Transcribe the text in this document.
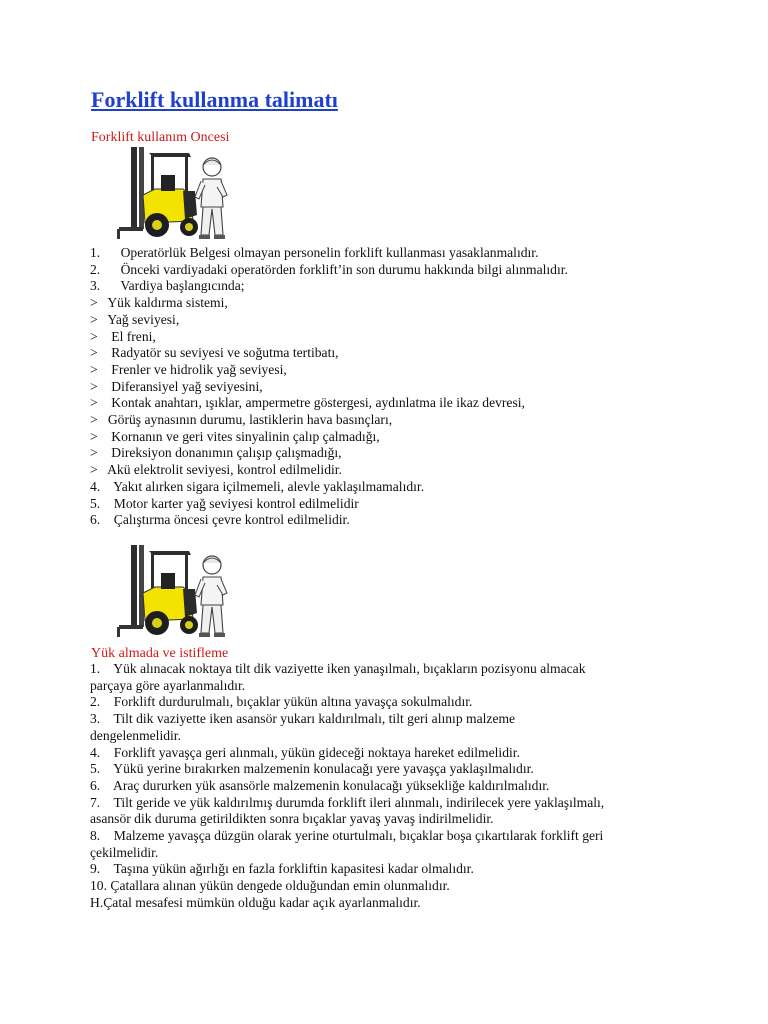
Forklift kullanma talimatı

Forklift kullanım Oncesi

1.      Operatörlük Belgesi olmayan personelin forklift kullanması yasaklanmalıdır.
2.      Önceki vardiyadaki operatörden forklift’in son durumu hakkında bilgi alınmalıdır.
3.      Vardiya başlangıcında;
>   Yük kaldırma sistemi,
>   Yağ seviyesi,
>    El freni,
>    Radyatör su seviyesi ve soğutma tertibatı,
>    Frenler ve hidrolik yağ seviyesi,
>    Diferansiyel yağ seviyesini,
>    Kontak anahtarı, ışıklar, ampermetre göstergesi, aydınlatma ile ikaz devresi,
>   Görüş aynasının durumu, lastiklerin hava basınçları,
>    Kornanın ve geri vites sinyalinin çalıp çalmadığı,
>    Direksiyon donanımın çalışıp çalışmadığı,
>   Akü elektrolit seviyesi, kontrol edilmelidir.
4.    Yakıt alırken sigara içilmemeli, alevle yaklaşılmamalıdır.
5.    Motor karter yağ seviyesi kontrol edilmelidir
6.    Çalıştırma öncesi çevre kontrol edilmelidir.

Yük almada ve istifleme

1.    Yük alınacak noktaya tilt dik vaziyette iken yanaşılmalı, bıçakların pozisyonu almacak
parçaya göre ayarlanmalıdır.
2.    Forklift durdurulmalı, bıçaklar yükün altına yavaşça sokulmalıdır.
3.    Tilt dik vaziyette iken asansör yukarı kaldırılmalı, tilt geri alınıp malzeme
dengelenmelidir.
4.    Forklift yavaşça geri alınmalı, yükün gideceği noktaya hareket edilmelidir.
5.    Yükü yerine bırakırken malzemenin konulacağı yere yavaşça yaklaşılmalıdır.
6.    Araç dururken yük asansörle malzemenin konulacağı yüksekliğe kaldırılmalıdır.
7.    Tilt geride ve yük kaldırılmış durumda forklift ileri alınmalı, indirilecek yere yaklaşılmalı,
asansör dik duruma getirildikten sonra bıçaklar yavaş yavaş indirilmelidir.
8.    Malzeme yavaşça düzgün olarak yerine oturtulmalı, bıçaklar boşa çıkartılarak forklift geri
çekilmelidir.
9.    Taşına yükün ağırlığı en fazla forkliftin kapasitesi kadar olmalıdır.
10. Çatallara alınan yükün dengede olduğundan emin olunmalıdır.
H.Çatal mesafesi mümkün olduğu kadar açık ayarlanmalıdır.
